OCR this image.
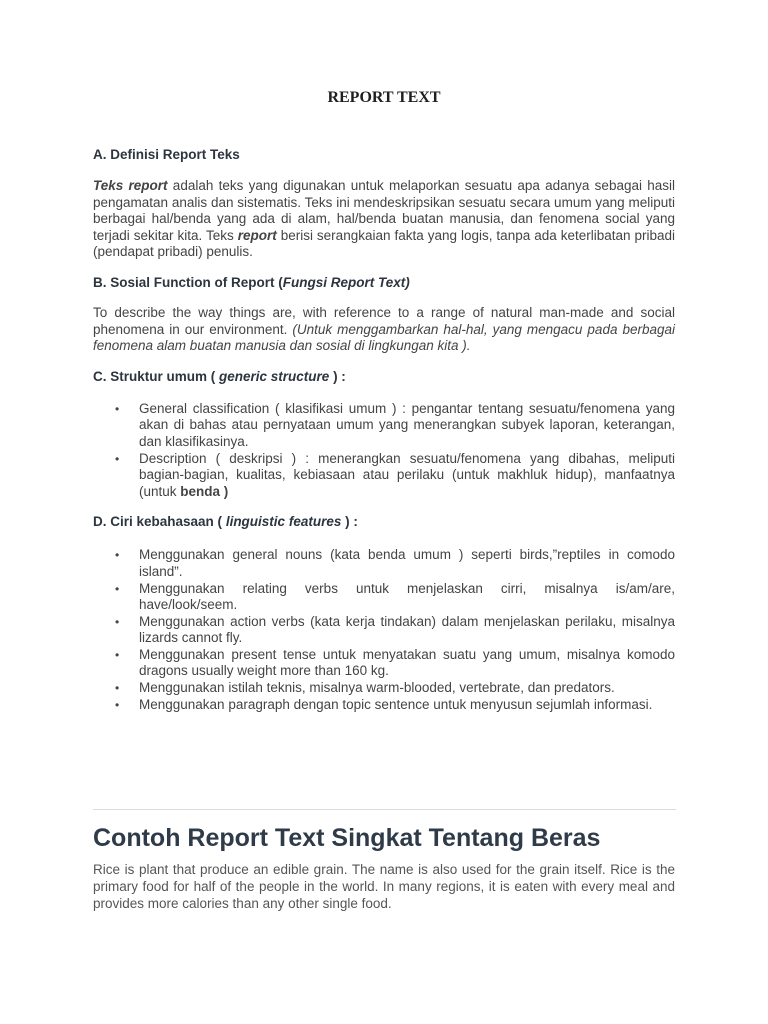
REPORT TEXT

A. Definisi Report Teks

Teks report adalah teks yang digunakan untuk melaporkan sesuatu apa adanya sebagai hasil pengamatan analis dan sistematis. Teks ini mendeskripsikan sesuatu secara umum yang meliputi berbagai hal/benda yang ada di alam, hal/benda buatan manusia, dan fenomena social yang terjadi sekitar kita. Teks report berisi serangkaian fakta yang logis, tanpa ada keterlibatan pribadi (pendapat pribadi) penulis.

B. Sosial Function of Report (Fungsi Report Text)

To describe the way things are, with reference to a range of natural man-made and social phenomena in our environment. (Untuk menggambarkan hal-hal, yang mengacu pada berbagai fenomena alam buatan manusia dan sosial di lingkungan kita ).

C. Struktur umum ( generic structure ) :

• General classification ( klasifikasi umum ) : pengantar tentang sesuatu/fenomena yang akan di bahas atau pernyataan umum yang menerangkan subyek laporan, keterangan, dan klasifikasinya.
• Description ( deskripsi ) : menerangkan sesuatu/fenomena yang dibahas, meliputi bagian-bagian, kualitas, kebiasaan atau perilaku (untuk makhluk hidup), manfaatnya (untuk benda )

D. Ciri kebahasaan ( linguistic features ) :

• Menggunakan general nouns (kata benda umum ) seperti birds,”reptiles in comodo island”.
• Menggunakan relating verbs untuk menjelaskan cirri, misalnya is/am/are, have/look/seem.
• Menggunakan action verbs (kata kerja tindakan) dalam menjelaskan perilaku, misalnya lizards cannot fly.
• Menggunakan present tense untuk menyatakan suatu yang umum, misalnya komodo dragons usually weight more than 160 kg.
• Menggunakan istilah teknis, misalnya warm-blooded, vertebrate, dan predators.
• Menggunakan paragraph dengan topic sentence untuk menyusun sejumlah informasi.
Contoh Report Text Singkat Tentang Beras

Rice is plant that produce an edible grain. The name is also used for the grain itself. Rice is the primary food for half of the people in the world. In many regions, it is eaten with every meal and provides more calories than any other single food.
